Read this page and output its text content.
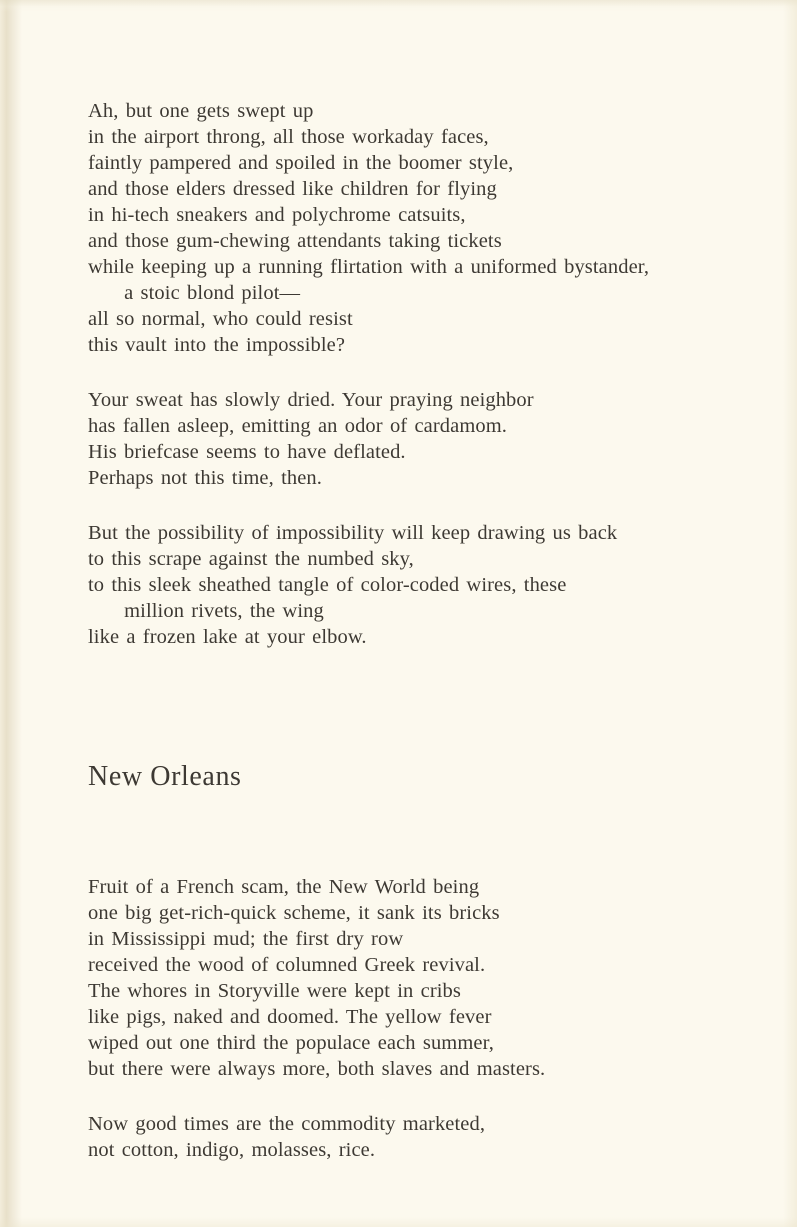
Ah, but one gets swept up

in the airport throng, all those workaday faces,

faintly pampered and spoiled in the boomer style,

and those elders dressed like children for flying

in hi-tech sneakers and polychrome catsuits,

and those gum-chewing attendants taking tickets

while keeping up a running flirtation with a uniformed bystander,

a stoic blond pilot—

all so normal, who could resist

this vault into the impossible?

Your sweat has slowly dried. Your praying neighbor

has fallen asleep, emitting an odor of cardamom.

His briefcase seems to have deflated.

Perhaps not this time, then.

But the possibility of impossibility will keep drawing us back

to this scrape against the numbed sky,

to this sleek sheathed tangle of color-coded wires, these

million rivets, the wing

like a frozen lake at your elbow.

New Orleans

Fruit of a French scam, the New World being

one big get-rich-quick scheme, it sank its bricks

in Mississippi mud; the first dry row

received the wood of columned Greek revival.

The whores in Storyville were kept in cribs

like pigs, naked and doomed. The yellow fever

wiped out one third the populace each summer,

but there were always more, both slaves and masters.

Now good times are the commodity marketed,

not cotton, indigo, molasses, rice.
